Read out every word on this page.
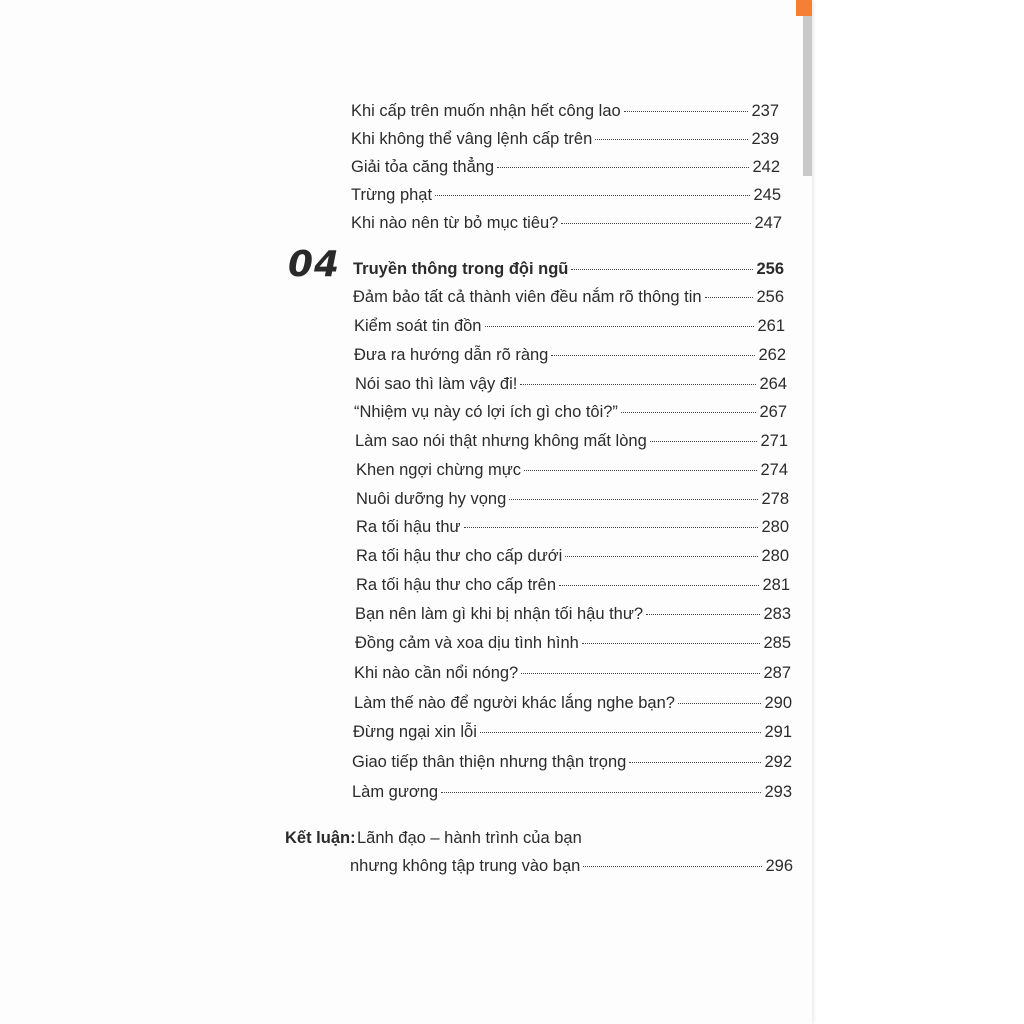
Khi cấp trên muốn nhận hết công lao	237
Khi không thể vâng lệnh cấp trên	239
Giải tỏa căng thẳng	242
Trừng phạt	245
Khi nào nên từ bỏ mục tiêu?	247
04 Truyền thông trong đội ngũ	256
Đảm bảo tất cả thành viên đều nắm rõ thông tin	256
Kiểm soát tin đồn	261
Đưa ra hướng dẫn rõ ràng	262
Nói sao thì làm vậy đi!	264
“Nhiệm vụ này có lợi ích gì cho tôi?”	267
Làm sao nói thật nhưng không mất lòng	271
Khen ngợi chừng mực	274
Nuôi dưỡng hy vọng	278
Ra tối hậu thư	280
Ra tối hậu thư cho cấp dưới	280
Ra tối hậu thư cho cấp trên	281
Bạn nên làm gì khi bị nhận tối hậu thư?	283
Đồng cảm và xoa dịu tình hình	285
Khi nào cần nổi nóng?	287
Làm thế nào để người khác lắng nghe bạn?	290
Đừng ngại xin lỗi	291
Giao tiếp thân thiện nhưng thận trọng	292
Làm gương	293
Kết luận: Lãnh đạo – hành trình của bạn
nhưng không tập trung vào bạn	296
